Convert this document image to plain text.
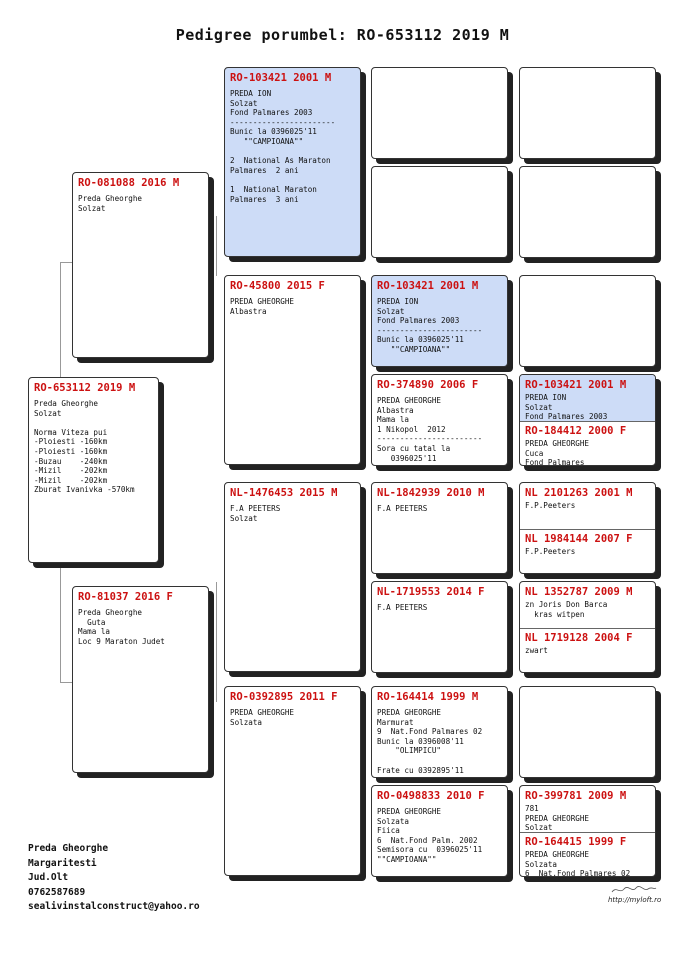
Pedigree porumbel: RO-653112 2019 M
RO-653112 2019 M
Preda Gheorghe
Solzat

Norma Viteza pui
-Ploiesti -160km
-Ploiesti -160km
-Buzau    -240km
-Mizil    -202km
-Mizil    -202km
Zburat Ivanivka -570km
RO-081088 2016 M
Preda Gheorghe
Solzat
RO-81037 2016 F
Preda Gheorghe
Guta
Mama la
Loc 9 Maraton Judet
RO-103421 2001 M
PREDA ION
Solzat
Fond Palmares 2003
-----------------------
Bunic la 0396025'11
""CAMPIOANA""

2  National As Maraton
Palmares  2 ani

1  National Maraton
Palmares  3 ani
RO-45800 2015 F
PREDA GHEORGHE
Albastra
NL-1476453 2015 M
F.A PEETERS
Solzat
RO-0392895 2011 F
PREDA GHEORGHE
Solzata
RO-103421 2001 M
PREDA ION
Solzat
Fond Palmares 2003
-----------------------
Bunic la 0396025'11
""CAMPIOANA""
RO-374890 2006 F
PREDA GHEORGHE
Albastra
Mama la
1 Nikopol  2012
-----------------------
Sora cu tatal la
0396025'11
NL-1842939 2010 M
F.A PEETERS
NL-1719553 2014 F
F.A PEETERS
RO-164414 1999 M
PREDA GHEORGHE
Marmurat
9  Nat.Fond Palmares 02
Bunic la 0396008'11
"OLIMPICU"

Frate cu 0392895'11
RO-0498833 2010 F
PREDA GHEORGHE
Solzata
Fiica
6  Nat.Fond Palm. 2002
Semisora cu  0396025'11
""CAMPIOANA""
RO-103421 2001 M
PREDA ION
Solzat
Fond Palmares 2003
RO-184412 2000 F
PREDA GHEORGHE
Cuca
Fond Palmares
NL 2101263 2001 M
F.P.Peeters
NL 1984144 2007 F
F.P.Peeters
NL 1352787 2009 M
zn Joris Don Barca
kras witpen
NL 1719128 2004 F
zwart
RO-399781 2009 M
781
PREDA GHEORGHE
Solzat
RO-164415 1999 F
PREDA GHEORGHE
Solzata
6  Nat.Fond Palmares 02
Preda Gheorghe
Margaritesti
Jud.Olt
0762587689
sealivinstalconstruct@yahoo.ro
http://myloft.ro
